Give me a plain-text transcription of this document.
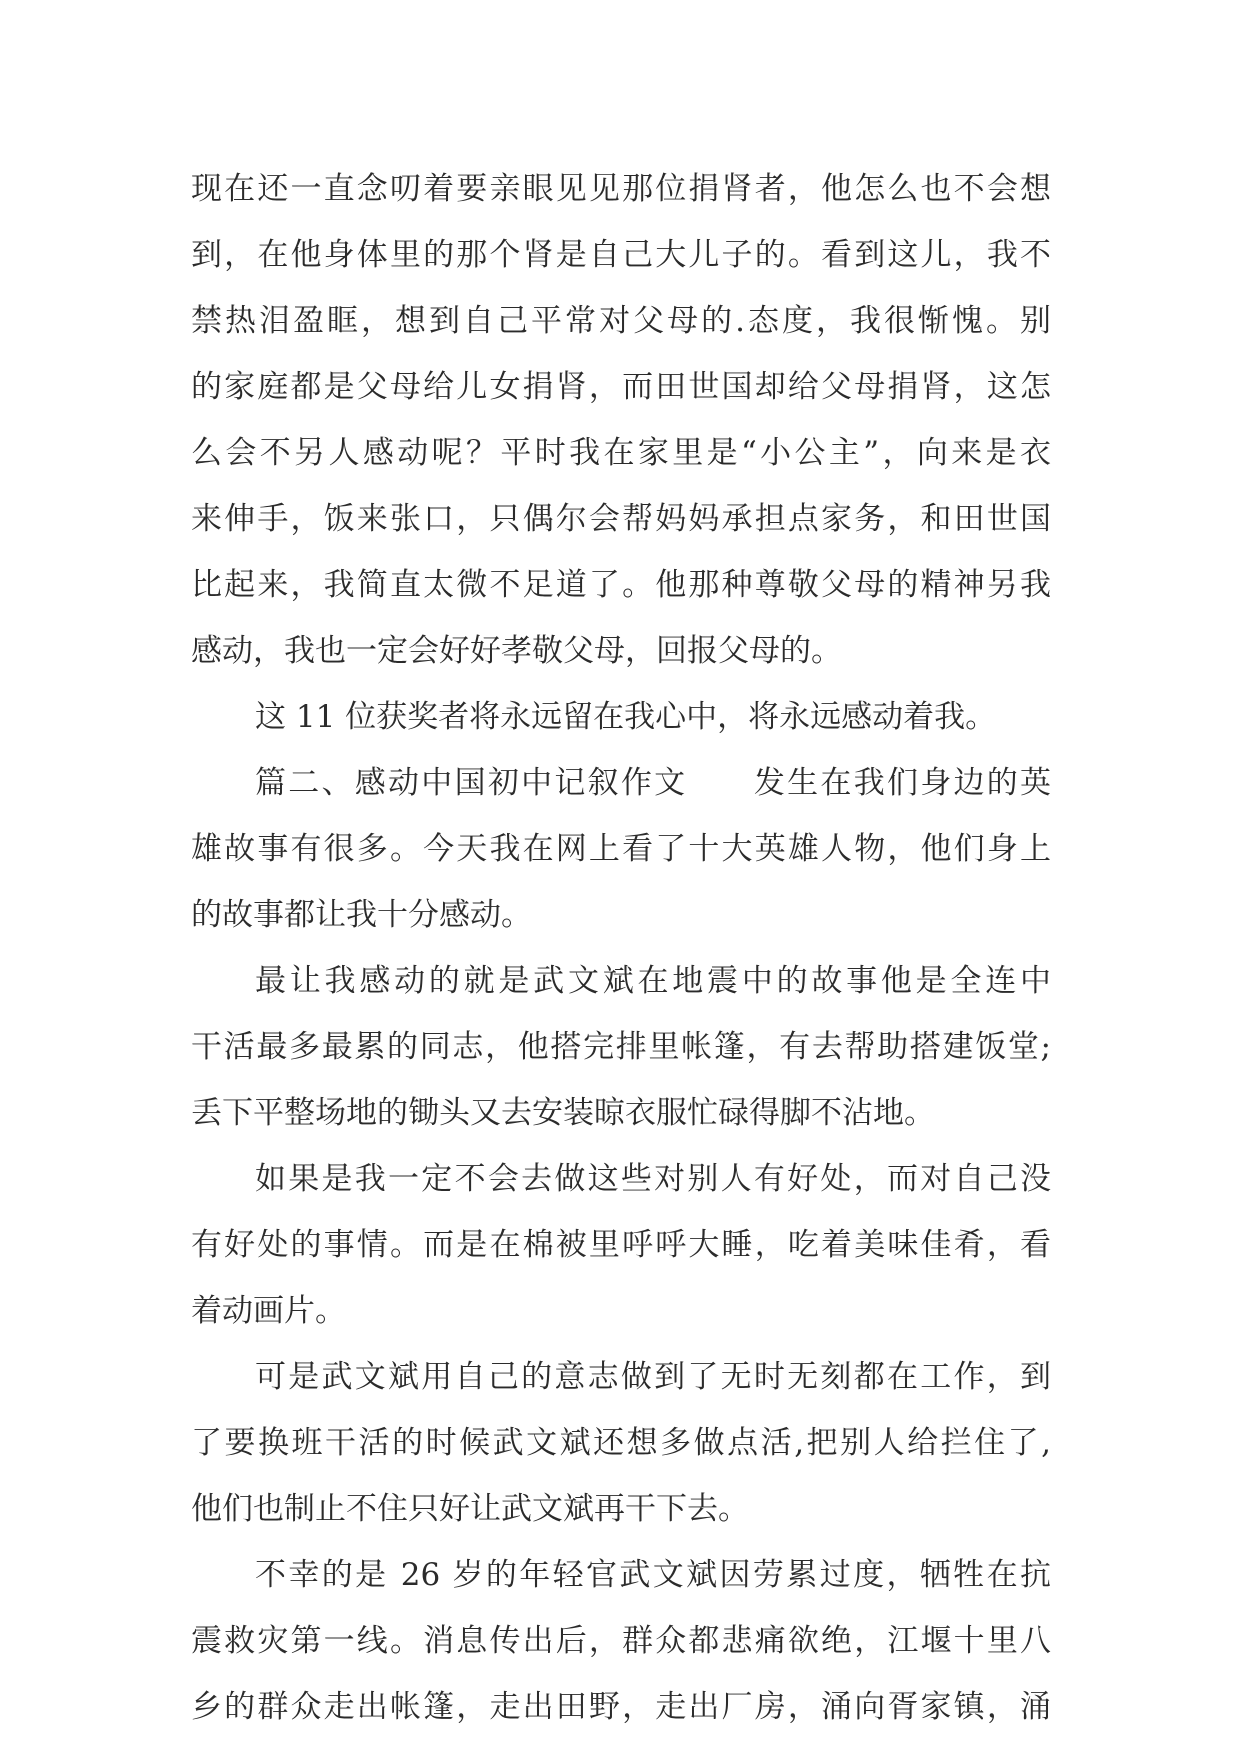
现在还一直念叨着要亲眼见见那位捐肾者，他怎么也不会想
到，在他身体里的那个肾是自己大儿子的。看到这儿，我不
禁热泪盈眶，想到自己平常对父母的.态度，我很惭愧。别
的家庭都是父母给儿女捐肾，而田世国却给父母捐肾，这怎
么会不另人感动呢？平时我在家里是“小公主”，向来是衣
来伸手，饭来张口，只偶尔会帮妈妈承担点家务，和田世国
比起来，我简直太微不足道了。他那种尊敬父母的精神另我
感动，我也一定会好好孝敬父母，回报父母的。
这 11 位获奖者将永远留在我心中，将永远感动着我。
篇二、感动中国初中记叙作文　　发生在我们身边的英
雄故事有很多。今天我在网上看了十大英雄人物，他们身上
的故事都让我十分感动。
最让我感动的就是武文斌在地震中的故事他是全连中
干活最多最累的同志，他搭完排里帐篷，有去帮助搭建饭堂;
丢下平整场地的锄头又去安装晾衣服忙碌得脚不沾地。
如果是我一定不会去做这些对别人有好处，而对自己没
有好处的事情。而是在棉被里呼呼大睡，吃着美味佳肴，看
着动画片。
可是武文斌用自己的意志做到了无时无刻都在工作，到
了要换班干活的时候武文斌还想多做点活,把别人给拦住了,
他们也制止不住只好让武文斌再干下去。
不幸的是 26 岁的年轻官武文斌因劳累过度，牺牲在抗
震救灾第一线。消息传出后，群众都悲痛欲绝，江堰十里八
乡的群众走出帐篷，走出田野，走出厂房，涌向胥家镇，涌
